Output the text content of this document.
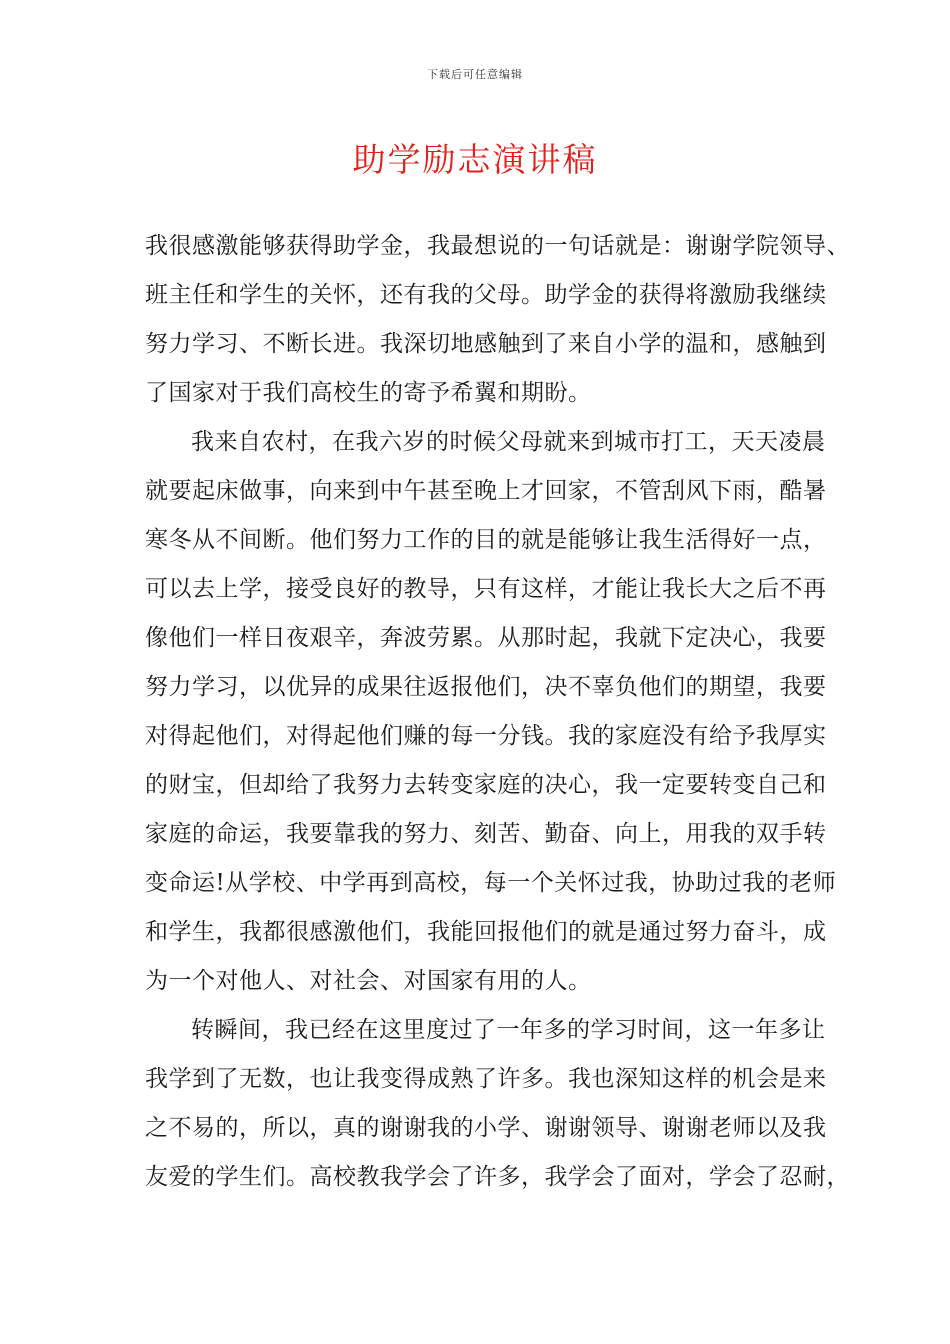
下载后可任意编辑
助学励志演讲稿

我很感激能够获得助学金，我最想说的一句话就是：谢谢学院领导、
班主任和学生的关怀，还有我的父母。助学金的获得将激励我继续
努力学习、不断长进。我深切地感触到了来自小学的温和，感触到
了国家对于我们高校生的寄予希翼和期盼。

我来自农村，在我六岁的时候父母就来到城市打工，天天凌晨
就要起床做事，向来到中午甚至晚上才回家，不管刮风下雨，酷暑
寒冬从不间断。他们努力工作的目的就是能够让我生活得好一点，
可以去上学，接受良好的教导，只有这样，才能让我长大之后不再
像他们一样日夜艰辛，奔波劳累。从那时起，我就下定决心，我要
努力学习，以优异的成果往返报他们，决不辜负他们的期望，我要
对得起他们，对得起他们赚的每一分钱。我的家庭没有给予我厚实
的财宝，但却给了我努力去转变家庭的决心，我一定要转变自己和
家庭的命运，我要靠我的努力、刻苦、勤奋、向上，用我的双手转
变命运!从学校、中学再到高校，每一个关怀过我，协助过我的老师
和学生，我都很感激他们，我能回报他们的就是通过努力奋斗，成
为一个对他人、对社会、对国家有用的人。

转瞬间，我已经在这里度过了一年多的学习时间，这一年多让
我学到了无数，也让我变得成熟了许多。我也深知这样的机会是来
之不易的，所以，真的谢谢我的小学、谢谢领导、谢谢老师以及我
友爱的学生们。高校教我学会了许多，我学会了面对，学会了忍耐，
